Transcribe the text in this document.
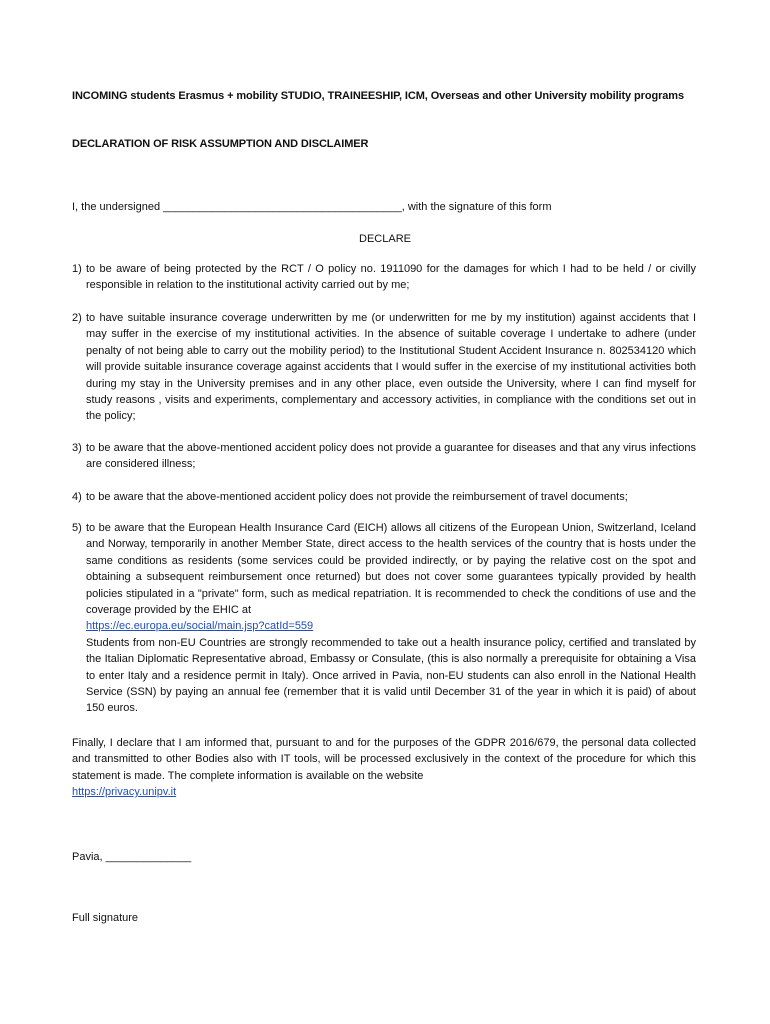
INCOMING students Erasmus + mobility STUDIO, TRAINEESHIP, ICM, Overseas and other University mobility programs
DECLARATION OF RISK ASSUMPTION AND DISCLAIMER
I, the undersigned _______________________________________, with the signature of this form
DECLARE
1) to be aware of being protected by the RCT / O policy no. 1911090 for the damages for which I had to be held / or civilly responsible in relation to the institutional activity carried out by me;
2) to have suitable insurance coverage underwritten by me (or underwritten for me by my institution) against accidents that I may suffer in the exercise of my institutional activities. In the absence of suitable coverage I undertake to adhere (under penalty of not being able to carry out the mobility period) to the Institutional Student Accident Insurance n. 802534120 which will provide suitable insurance coverage against accidents that I would suffer in the exercise of my institutional activities both during my stay in the University premises and in any other place, even outside the University, where I can find myself for study reasons , visits and experiments, complementary and accessory activities, in compliance with the conditions set out in the policy;
3) to be aware that the above-mentioned accident policy does not provide a guarantee for diseases and that any virus infections are considered illness;
4) to be aware that the above-mentioned accident policy does not provide the reimbursement of travel documents;
5) to be aware that the European Health Insurance Card (EICH) allows all citizens of the European Union, Switzerland, Iceland and Norway, temporarily in another Member State, direct access to the health services of the country that is hosts under the same conditions as residents (some services could be provided indirectly, or by paying the relative cost on the spot and obtaining a subsequent reimbursement once returned) but does not cover some guarantees typically provided by health policies stipulated in a "private" form, such as medical repatriation. It is recommended to check the conditions of use and the coverage provided by the EHIC at
https://ec.europa.eu/social/main.jsp?catId=559
Students from non-EU Countries are strongly recommended to take out a health insurance policy, certified and translated by the Italian Diplomatic Representative abroad, Embassy or Consulate, (this is also normally a prerequisite for obtaining a Visa to enter Italy and a residence permit in Italy). Once arrived in Pavia, non-EU students can also enroll in the National Health Service (SSN) by paying an annual fee (remember that it is valid until December 31 of the year in which it is paid) of about 150 euros.
Finally, I declare that I am informed that, pursuant to and for the purposes of the GDPR 2016/679, the personal data collected and transmitted to other Bodies also with IT tools, will be processed exclusively in the context of the procedure for which this statement is made. The complete information is available on the website
https://privacy.unipv.it
Pavia, ______________
Full signature
